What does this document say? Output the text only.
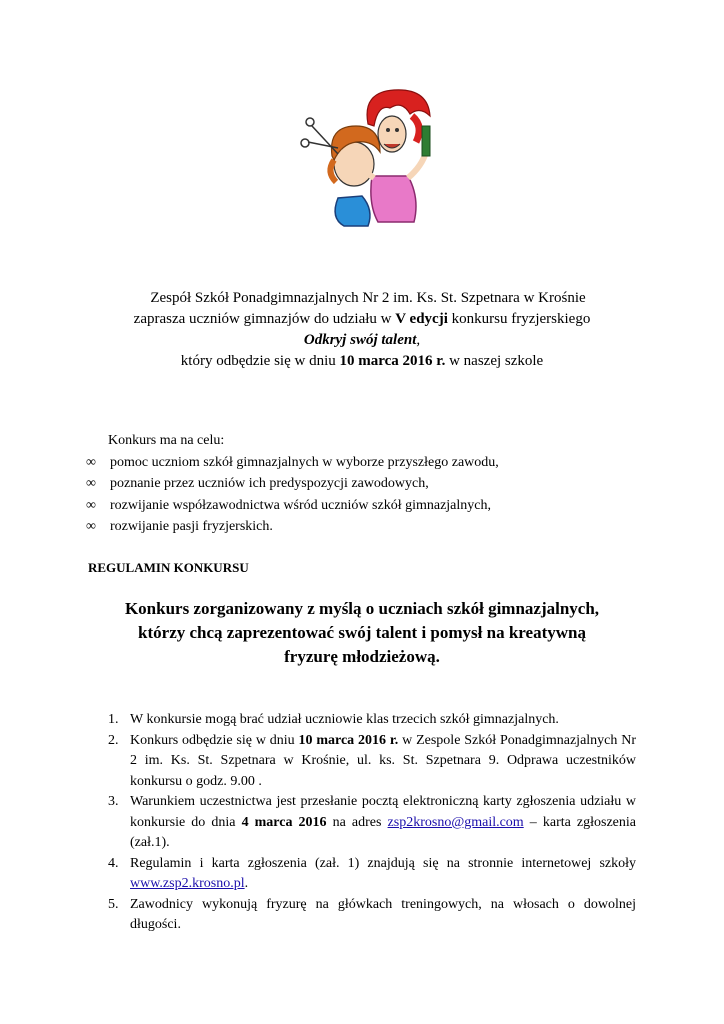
Zespół Szkół Ponadgimnazjalnych Nr 2 im. Ks. St. Szpetnara w Krośnie
zaprasza uczniów gimnazjów do udziału w V edycji konkursu fryzjerskiego
Odkryj swój talent,
który odbędzie się w dniu 10 marca 2016 r. w naszej szkole
Konkurs ma na celu:
∞ pomoc uczniom szkół gimnazjalnych w wyborze przyszłego zawodu,
∞ poznanie przez uczniów ich predyspozycji zawodowych,
∞ rozwijanie współzawodnictwa wśród uczniów szkół gimnazjalnych,
∞ rozwijanie pasji fryzjerskich.
REGULAMIN KONKURSU
Konkurs zorganizowany z myślą o uczniach szkół gimnazjalnych,
którzy chcą zaprezentować swój talent i pomysł na kreatywną
fryzurę młodzieżową.
1. W konkursie mogą brać udział uczniowie klas trzecich szkół gimnazjalnych.
2. Konkurs odbędzie się w dniu 10 marca 2016 r. w Zespole Szkół Ponadgimnazjalnych Nr 2 im. Ks. St. Szpetnara w Krośnie, ul. ks. St. Szpetnara 9. Odprawa uczestników konkursu o godz. 9.00 .
3. Warunkiem uczestnictwa jest przesłanie pocztą elektroniczną karty zgłoszenia udziału w konkursie do dnia 4 marca 2016 na adres zsp2krosno@gmail.com – karta zgłoszenia (zał.1).
4. Regulamin i karta zgłoszenia (zał. 1) znajdują się na stronnie internetowej szkoły www.zsp2.krosno.pl.
5. Zawodnicy wykonują fryzurę na główkach treningowych, na włosach o dowolnej długości.
